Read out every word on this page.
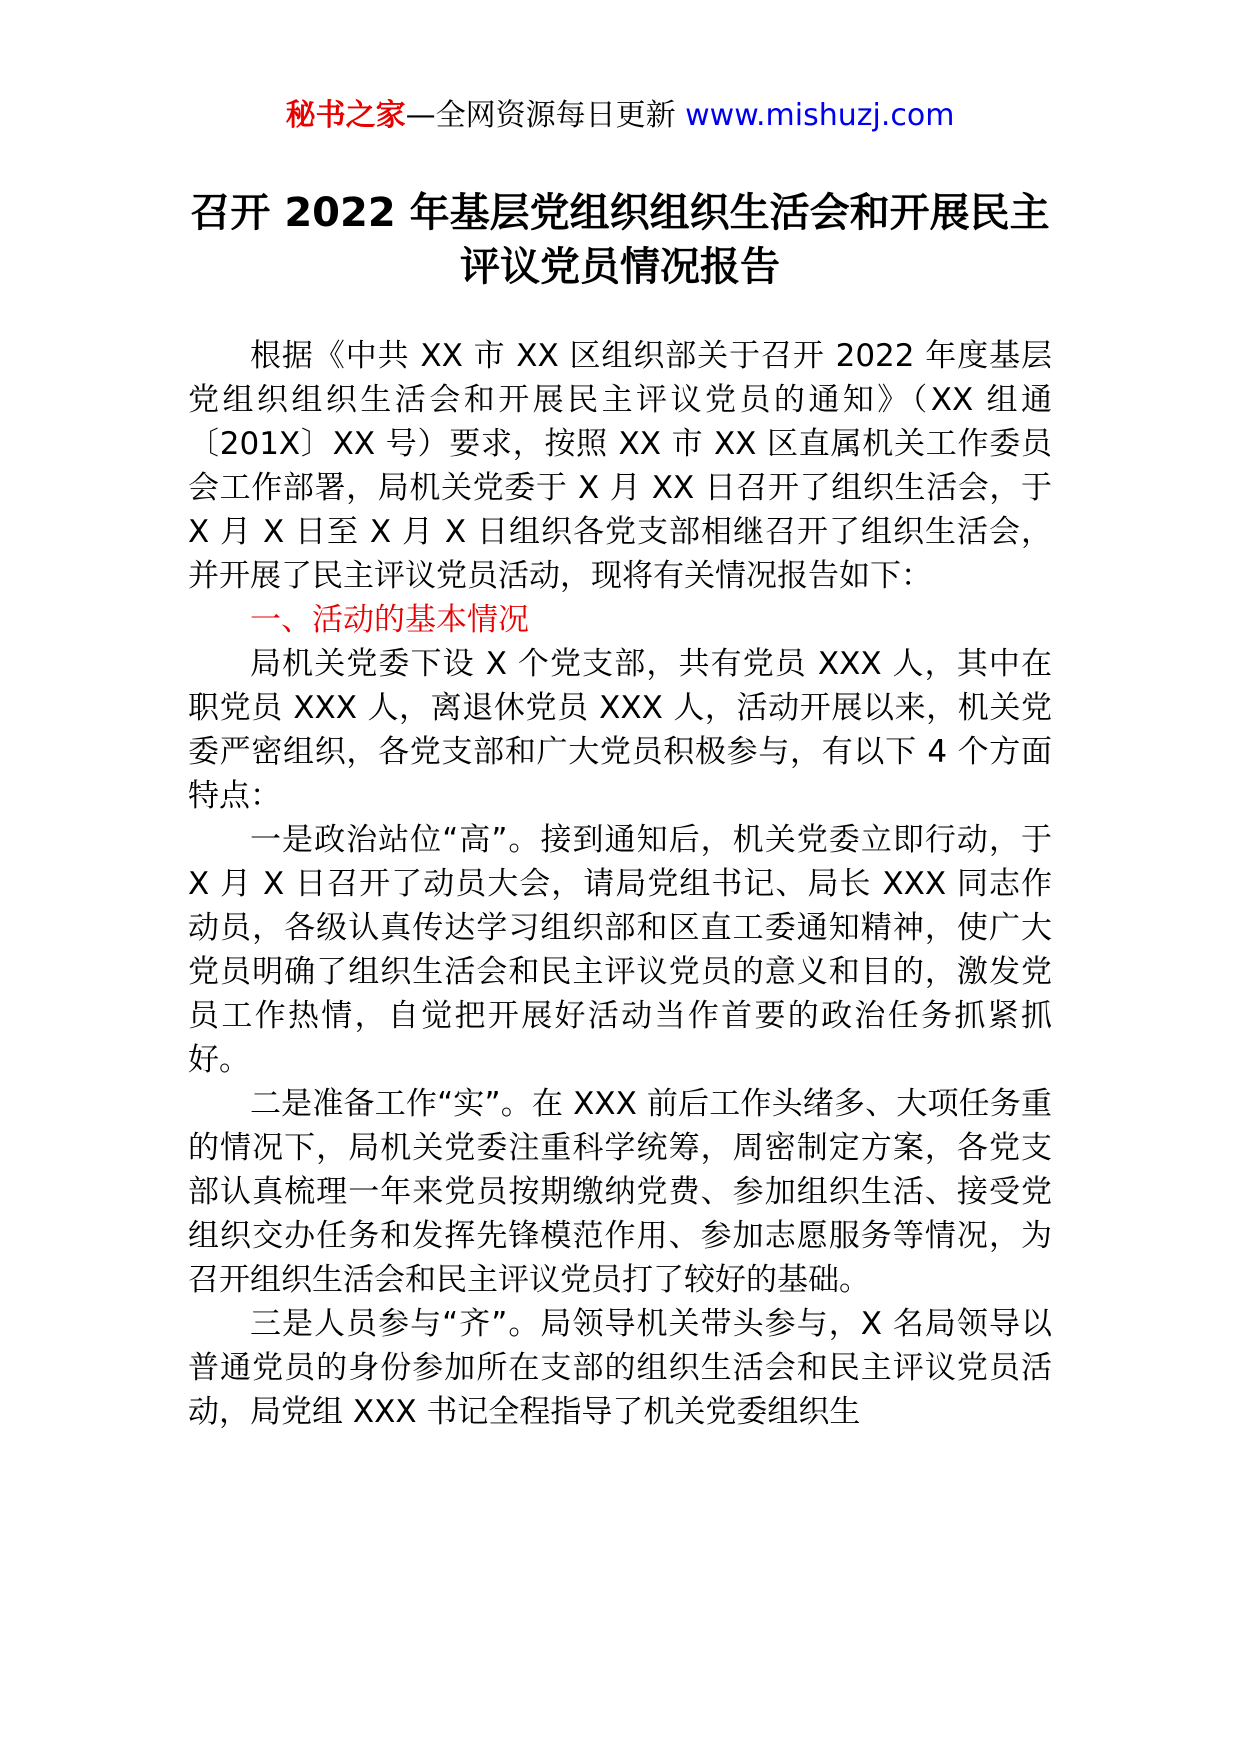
秘书之家—全网资源每日更新 www.mishuzj.com
召开 2022 年基层党组织组织生活会和开展民主评议党员情况报告

根据《中共 XX 市 XX 区组织部关于召开 2022 年度基层党组织组织生活会和开展民主评议党员的通知》（XX 组通〔201X〕XX 号）要求，按照 XX 市 XX 区直属机关工作委员会工作部署，局机关党委于 X 月 XX 日召开了组织生活会，于 X 月 X 日至 X 月 X 日组织各党支部相继召开了组织生活会，并开展了民主评议党员活动，现将有关情况报告如下：

一、活动的基本情况

局机关党委下设 X 个党支部，共有党员 XXX 人，其中在职党员 XXX 人，离退休党员 XXX 人，活动开展以来，机关党委严密组织，各党支部和广大党员积极参与，有以下 4 个方面特点：

一是政治站位“高”。接到通知后，机关党委立即行动，于 X 月 X 日召开了动员大会，请局党组书记、局长 XXX 同志作动员，各级认真传达学习组织部和区直工委通知精神，使广大党员明确了组织生活会和民主评议党员的意义和目的，激发党员工作热情，自觉把开展好活动当作首要的政治任务抓紧抓好。

二是准备工作“实”。在 XXX 前后工作头绪多、大项任务重的情况下，局机关党委注重科学统筹，周密制定方案，各党支部认真梳理一年来党员按期缴纳党费、参加组织生活、接受党组织交办任务和发挥先锋模范作用、参加志愿服务等情况，为召开组织生活会和民主评议党员打了较好的基础。

三是人员参与“齐”。局领导机关带头参与，X 名局领导以普通党员的身份参加所在支部的组织生活会和民主评议党员活动，局党组 XXX 书记全程指导了机关党委组织生
